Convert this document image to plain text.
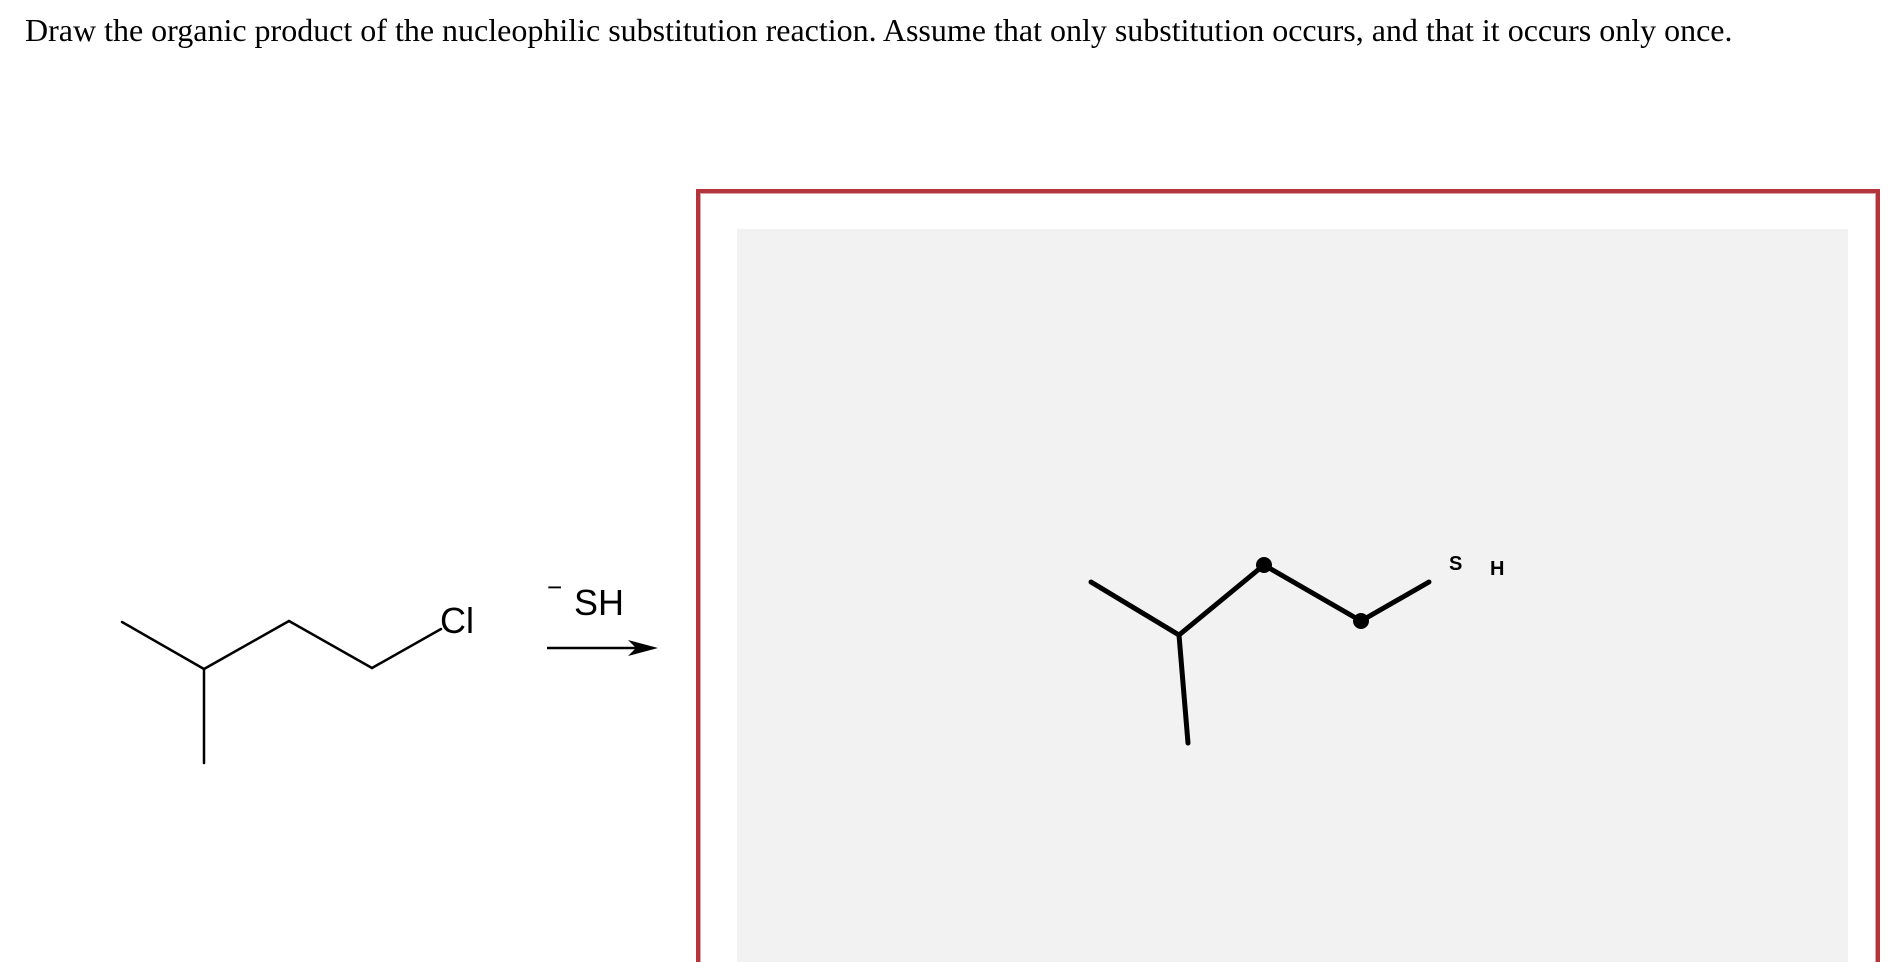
Draw the organic product of the nucleophilic substitution reaction. Assume that only substitution occurs, and that it occurs only once.

Cl
− SH
S H
